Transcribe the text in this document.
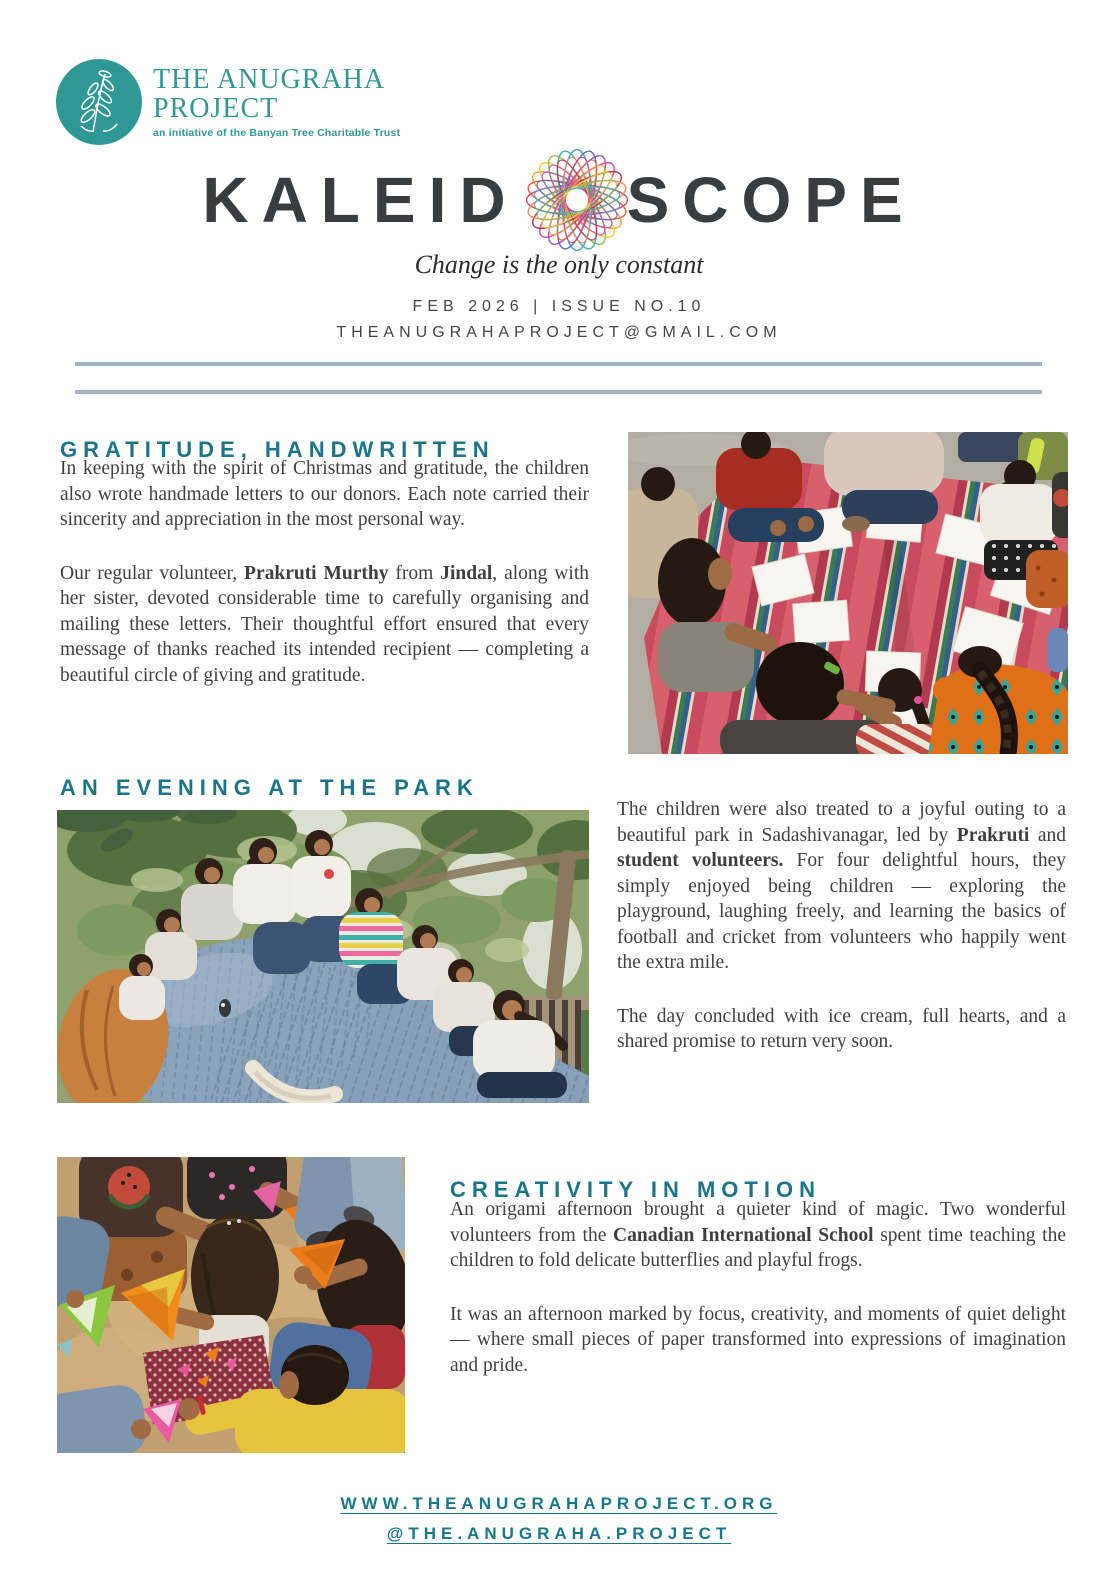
THE ANUGRAHA
PROJECT
an initiative of the Banyan Tree Charitable Trust
KALEID SCOPE
Change is the only constant
FEB 2026 | ISSUE NO.10
THEANUGRAHAPROJECT@GMAIL.COM
GRATITUDE, HANDWRITTEN

In keeping with the spirit of Christmas and gratitude, the children also wrote handmade letters to our donors. Each note carried their sincerity and appreciation in the most personal way.

Our regular volunteer, Prakruti Murthy from Jindal, along with her sister, devoted considerable time to carefully organising and mailing these letters. Their thoughtful effort ensured that every message of thanks reached its intended recipient — completing a beautiful circle of giving and gratitude.

AN EVENING AT THE PARK

The children were also treated to a joyful outing to a beautiful park in Sadashivanagar, led by Prakruti and student volunteers. For four delightful hours, they simply enjoyed being children — exploring the playground, laughing freely, and learning the basics of football and cricket from volunteers who happily went the extra mile.

The day concluded with ice cream, full hearts, and a shared promise to return very soon.

CREATIVITY IN MOTION

An origami afternoon brought a quieter kind of magic. Two wonderful volunteers from the Canadian International School spent time teaching the children to fold delicate butterflies and playful frogs.

It was an afternoon marked by focus, creativity, and moments of quiet delight — where small pieces of paper transformed into expressions of imagination and pride.

WWW.THEANUGRAHAPROJECT.ORG
@THE.ANUGRAHA.PROJECT
